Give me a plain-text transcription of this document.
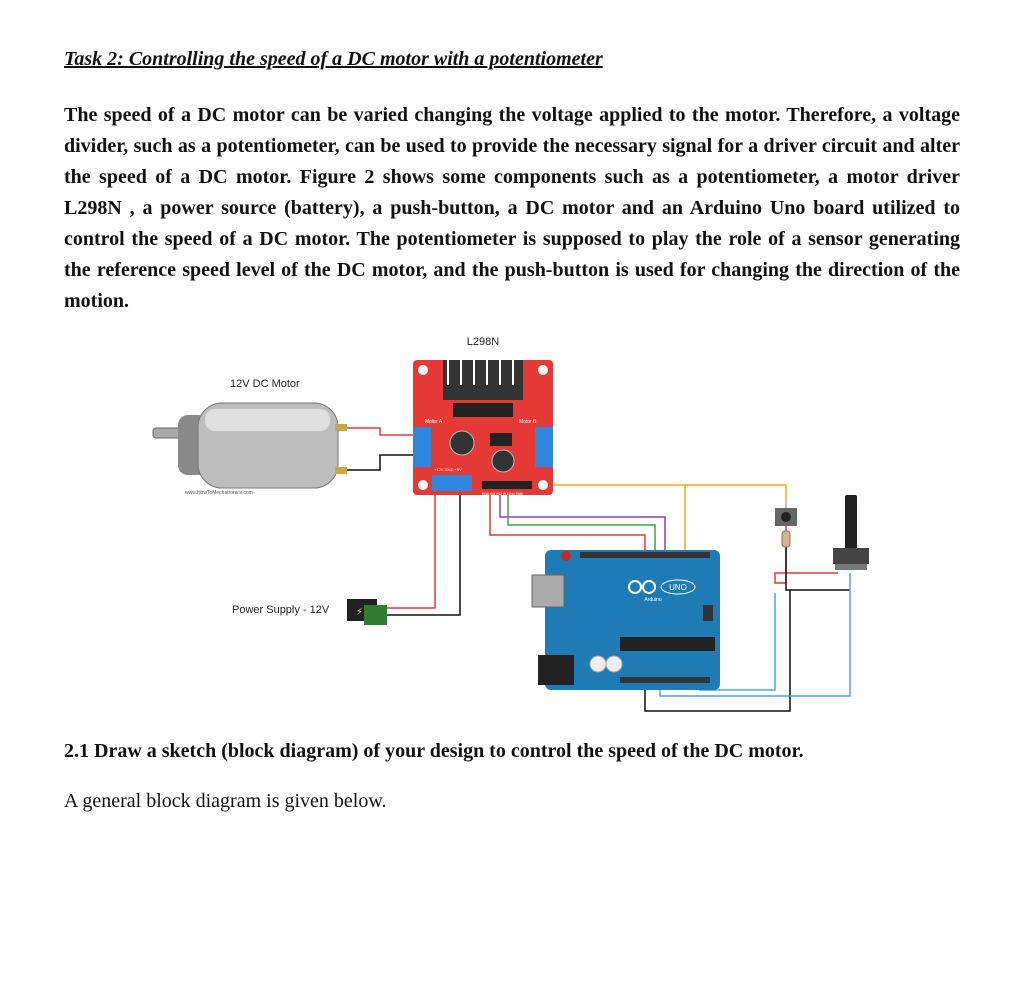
Task 2: Controlling the speed of a DC motor with a potentiometer

The speed of a DC motor can be varied changing the voltage applied to the motor. Therefore, a voltage divider, such as a potentiometer, can be used to provide the necessary signal for a driver circuit and alter the speed of a DC motor. Figure 2 shows some components such as a potentiometer, a motor driver L298N , a power source (battery), a push-button, a DC motor and an Arduino Uno board utilized to control the speed of a DC motor. The potentiometer is supposed to play the role of a sensor generating the reference speed level of the DC motor, and the push-button is used for changing the direction of the motion.

L298N
12V DC Motor
www.HowToMechatronics.com
Motor A	Motor B
+12V GND +5V
ENA IN1 IN2 IN3 IN4 ENB
Power Supply - 12V	⚡
UNO
Arduino
2.1 Draw a sketch (block diagram) of your design to control the speed of the DC motor.

A general block diagram is given below.
